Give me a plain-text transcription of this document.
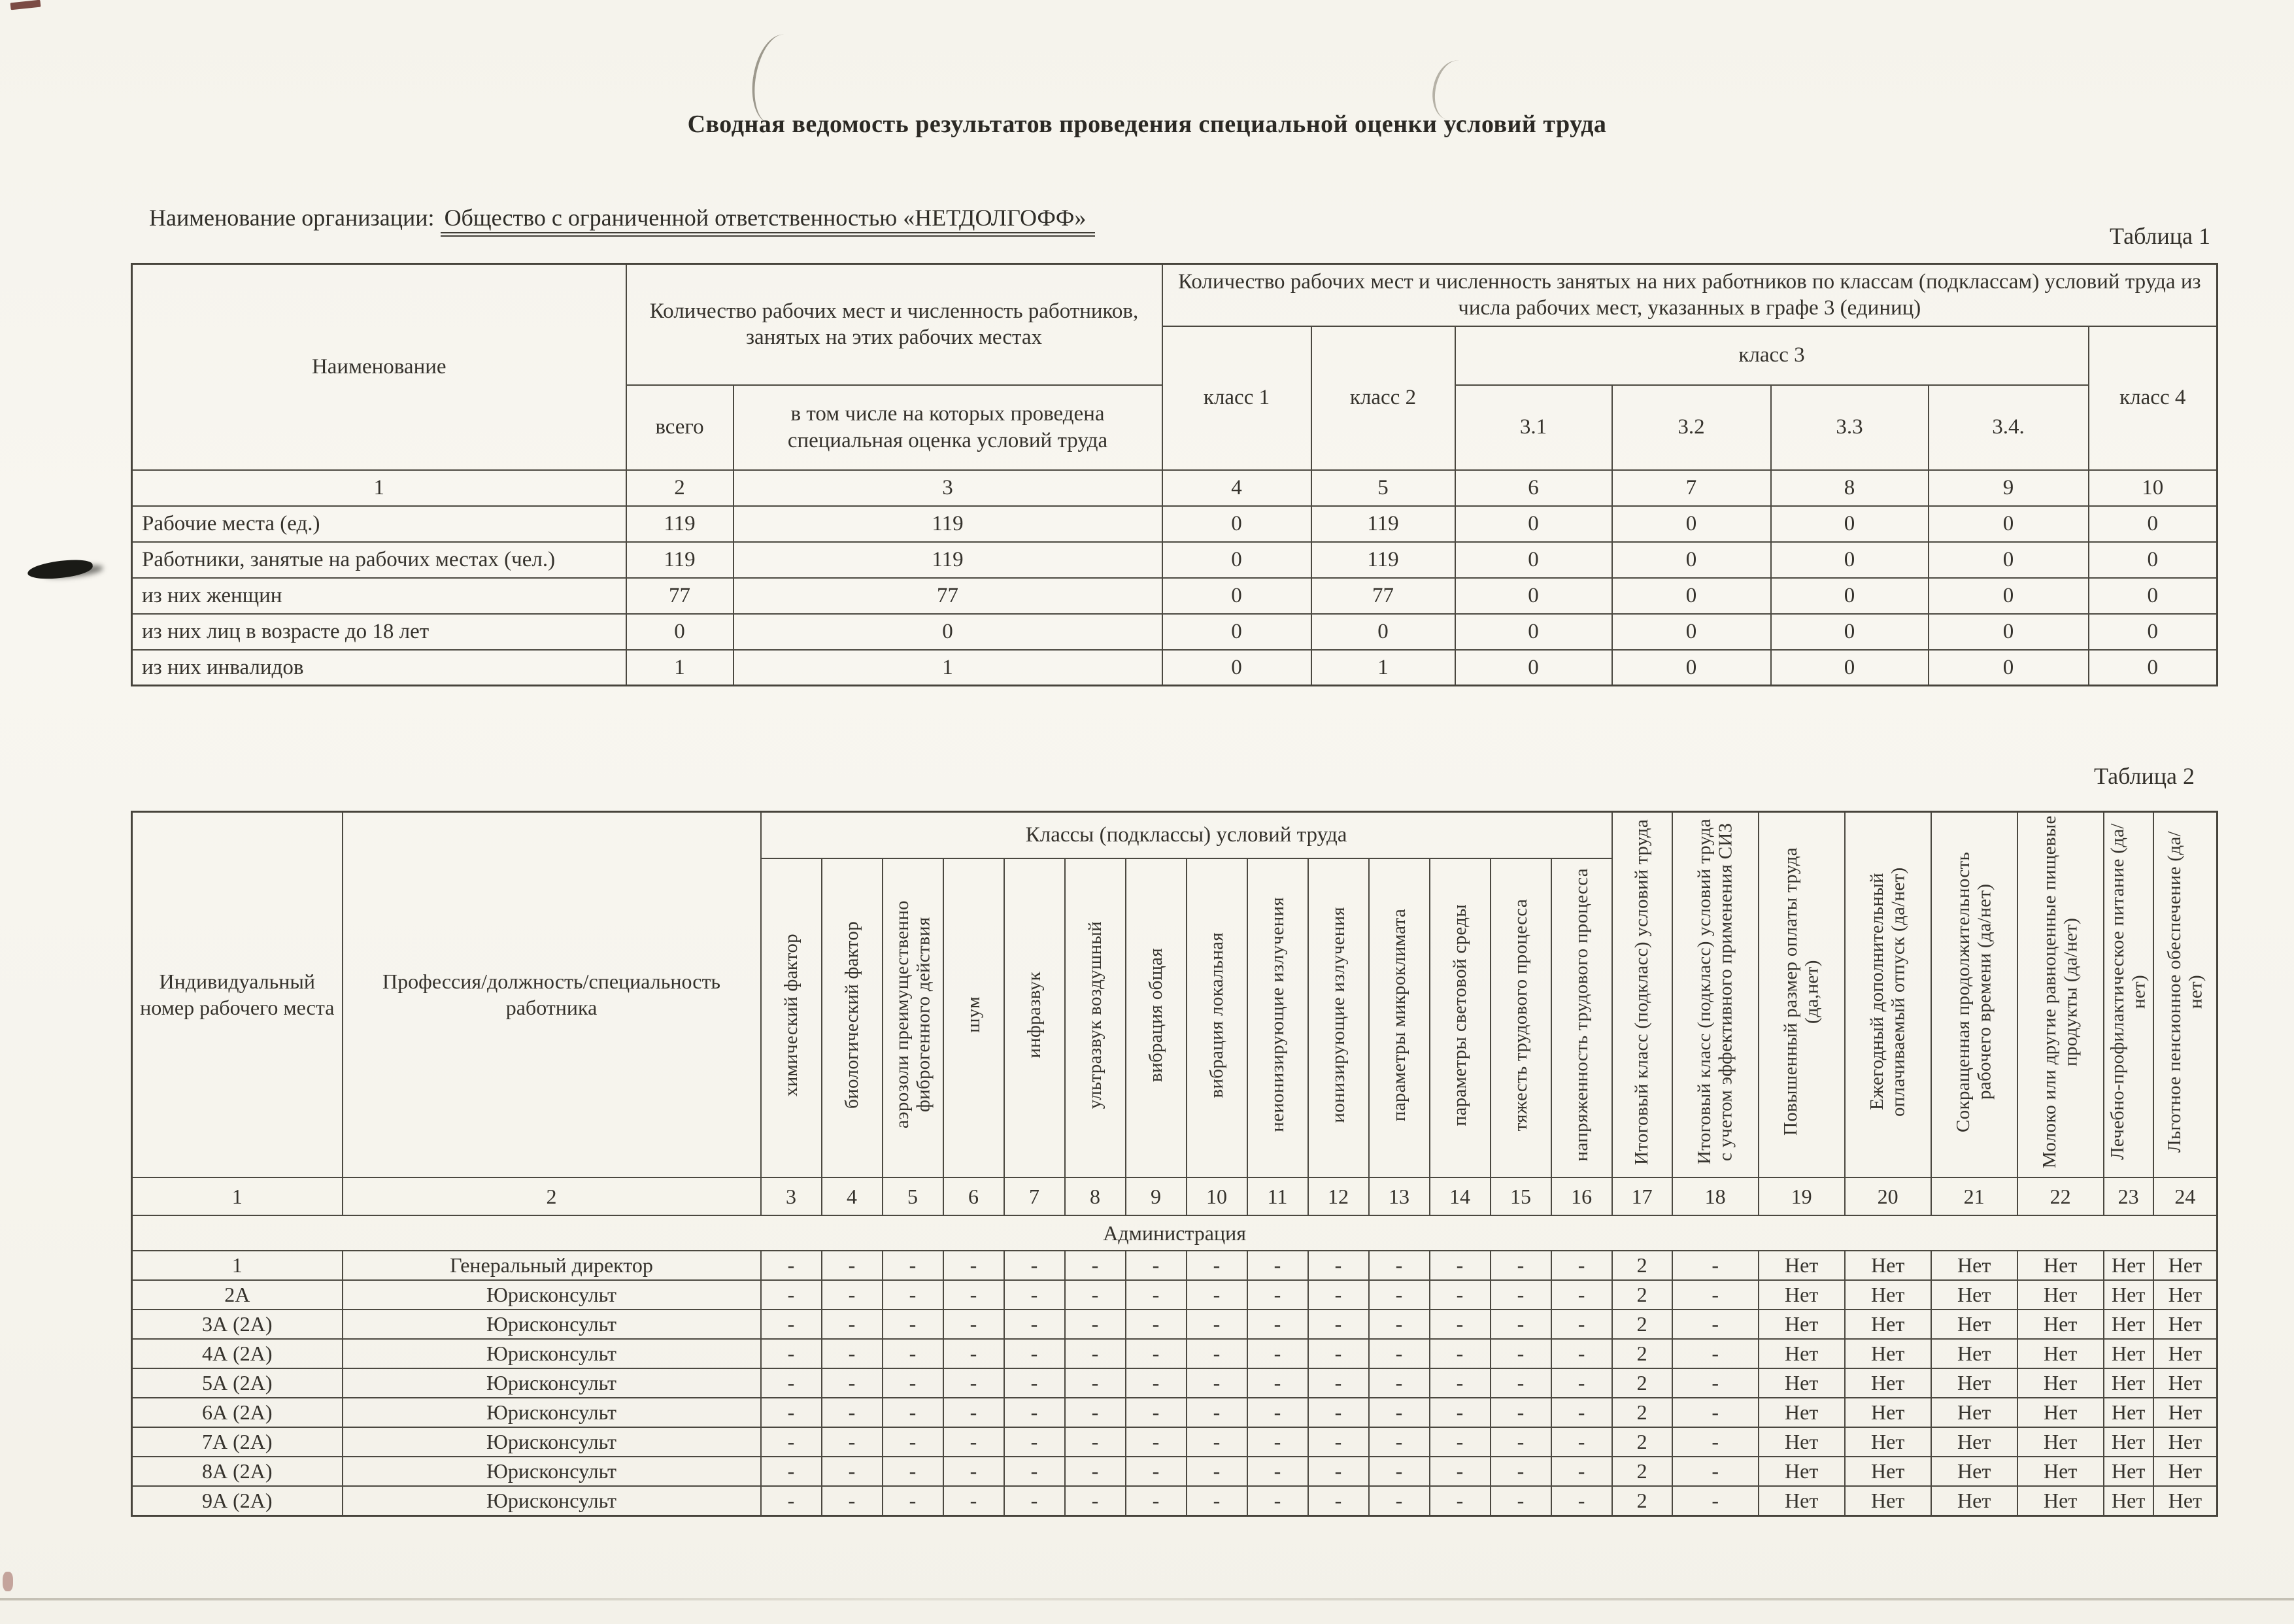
Сводная ведомость результатов проведения специальной оценки условий труда
Наименование организации: Общество с ограниченной ответственностью «НЕТДОЛГОФФ»
Таблица 1
Таблица 2
Наименование	Количество рабочих мест и численность работников, занятых на этих рабочих местах		Количество рабочих мест и численность занятых на них работников по классам (подклассам) условий труда из числа рабочих мест, указанных в графе 3 (единиц)						
			класс 1	класс 2	класс 3				класс 4
	всего	в том числе на которых проведена специальная оценка условий труда			3.1	3.2	3.3	3.4.	
1	2	3	4	5	6	7	8	9	10
Рабочие места (ед.)	119	119	0	119	0	0	0	0	0
Работники, занятые на рабочих местах (чел.)	119	119	0	119	0	0	0	0	0
из них женщин	77	77	0	77	0	0	0	0	0
из них лиц в возрасте до 18 лет	0	0	0	0	0	0	0	0	0
из них инвалидов	1	1	0	1	0	0	0	0	0
Индивидуальный номер рабочего места	Профессия/должность/специальность работника	Классы (подклассы) условий труда														Итоговый класс (подкласс) условий труда	Итоговый класс (подкласс) условий труда с учетом эффективного применения СИЗ	Повышенный размер оплаты труда (да,нет)	Ежегодный дополнительный оплачиваемый отпуск (да/нет)	Сокращенная продолжительность рабочего времени (да/нет)	Молоко или другие равноценные пищевые продукты (да/нет)	Лечебно-профилактическое питание (да/нет)	Льготное пенсионное обеспечение (да/нет)
		химический фактор	биологический фактор	аэрозоли преимущественно фиброгенного действия	шум	инфразвук	ультразвук воздушный	вибрация общая	вибрация локальная	неионизирующие излучения	ионизирующие излучения	параметры микроклимата	параметры световой среды	тяжесть трудового процесса	напряженность трудового процесса								
1	2	3	4	5	6	7	8	9	10	11	12	13	14	15	16	17	18	19	20	21	22	23	24
Администрация																							
1	Генеральный директор	-	-	-	-	-	-	-	-	-	-	-	-	-	-	2	-	Нет	Нет	Нет	Нет	Нет	Нет
2А	Юрисконсульт	-	-	-	-	-	-	-	-	-	-	-	-	-	-	2	-	Нет	Нет	Нет	Нет	Нет	Нет
3А (2А)	Юрисконсульт	-	-	-	-	-	-	-	-	-	-	-	-	-	-	2	-	Нет	Нет	Нет	Нет	Нет	Нет
4А (2А)	Юрисконсульт	-	-	-	-	-	-	-	-	-	-	-	-	-	-	2	-	Нет	Нет	Нет	Нет	Нет	Нет
5А (2А)	Юрисконсульт	-	-	-	-	-	-	-	-	-	-	-	-	-	-	2	-	Нет	Нет	Нет	Нет	Нет	Нет
6А (2А)	Юрисконсульт	-	-	-	-	-	-	-	-	-	-	-	-	-	-	2	-	Нет	Нет	Нет	Нет	Нет	Нет
7А (2А)	Юрисконсульт	-	-	-	-	-	-	-	-	-	-	-	-	-	-	2	-	Нет	Нет	Нет	Нет	Нет	Нет
8А (2А)	Юрисконсульт	-	-	-	-	-	-	-	-	-	-	-	-	-	-	2	-	Нет	Нет	Нет	Нет	Нет	Нет
9А (2А)	Юрисконсульт	-	-	-	-	-	-	-	-	-	-	-	-	-	-	2	-	Нет	Нет	Нет	Нет	Нет	Нет
